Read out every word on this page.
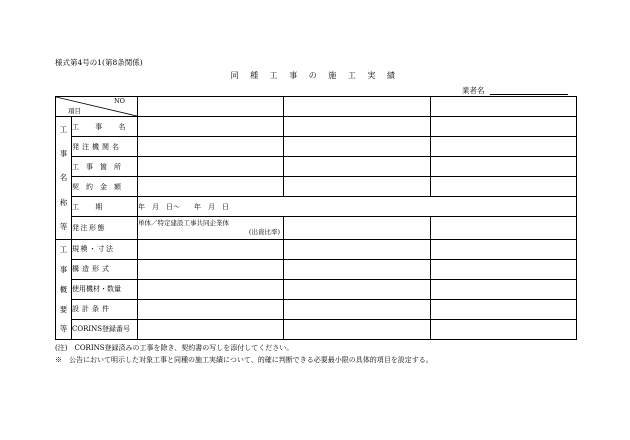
様式第4号の1(第8条関係)
同 種 工 事 の 施 工 実 績
業者名
NO
項目				

工
事
名
称
等	工 事 名			
	発注機関名			
	工事箇所			
	契約金額			
	工 期	年　月　日～　　年　月　日		
	発注形態	単体／特定建設工事共同企業体
(出資比率)		

工
事
概
要
等	規模・寸法			
	構造形式			
	使用機材・数量			
	設計条件			
	CORINS登録番号			
(注)　CORINS登録済みの工事を除き、契約書の写しを添付してください。
※　公告において明示した対象工事と同種の施工実績について、的確に判断できる必要最小限の具体的項目を設定する。
